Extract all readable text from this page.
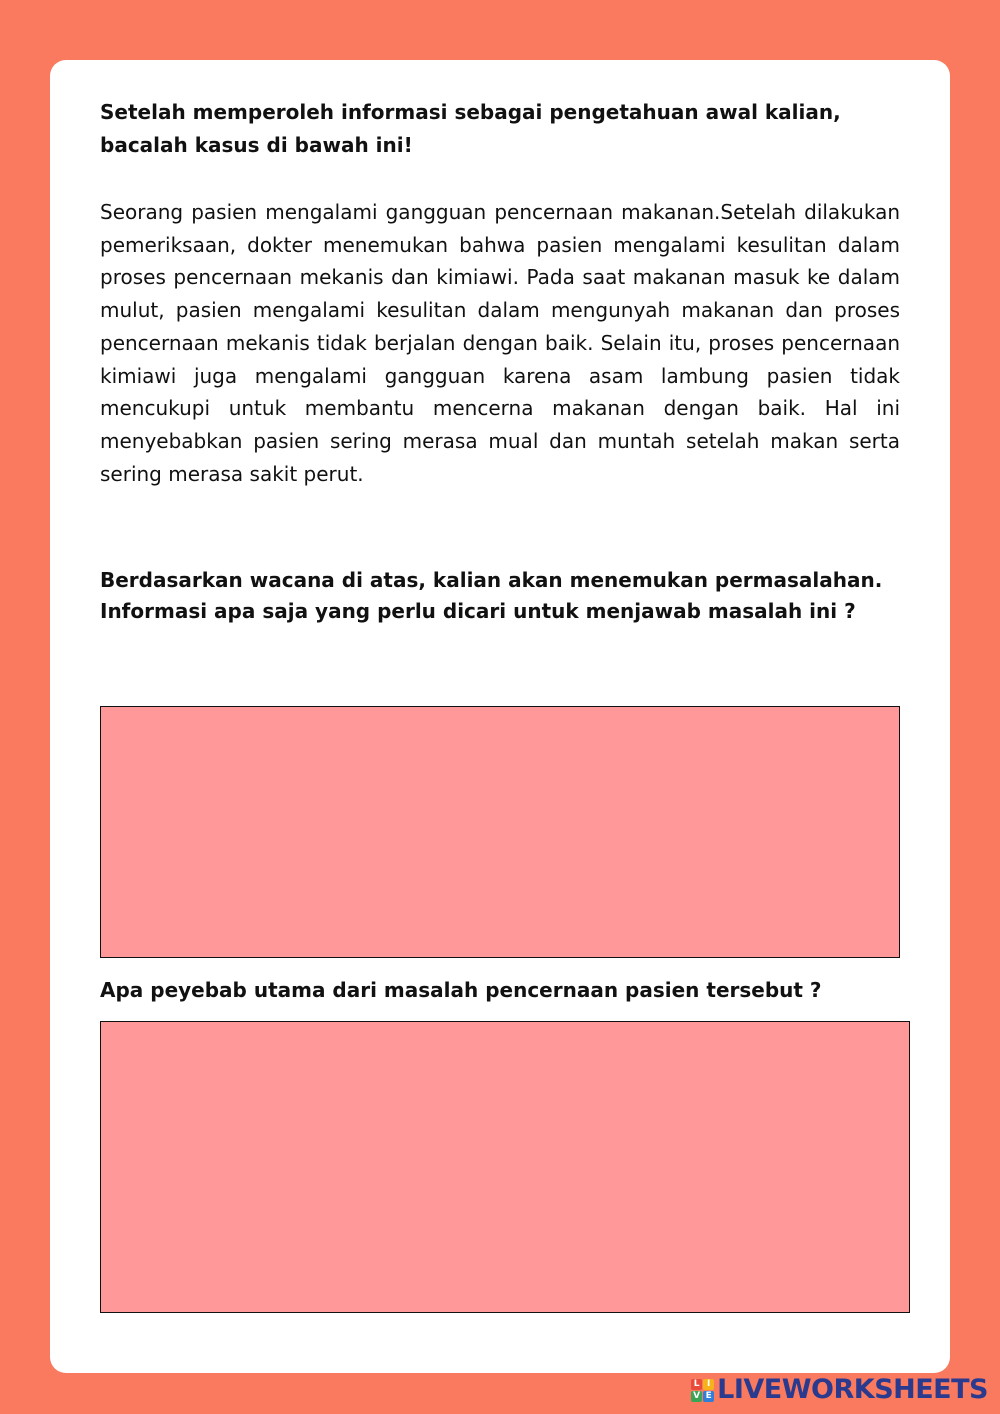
Setelah memperoleh informasi sebagai pengetahuan awal kalian, bacalah kasus di bawah ini!

Seorang pasien mengalami gangguan pencernaan makanan.Setelah dilakukan pemeriksaan, dokter menemukan bahwa pasien mengalami kesulitan dalam proses pencernaan mekanis dan kimiawi. Pada saat makanan masuk ke dalam mulut, pasien mengalami kesulitan dalam mengunyah makanan dan proses pencernaan mekanis tidak berjalan dengan baik. Selain itu, proses pencernaan kimiawi juga mengalami gangguan karena asam lambung pasien tidak mencukupi untuk membantu mencerna makanan dengan baik. Hal ini menyebabkan pasien sering merasa mual dan muntah setelah makan serta sering merasa sakit perut.

Berdasarkan wacana di atas, kalian akan menemukan permasalahan.
Informasi apa saja yang perlu dicari untuk menjawab masalah ini ?

Apa peyebab utama dari masalah pencernaan pasien tersebut ?

L I
V E LIVEWORKSHEETS
